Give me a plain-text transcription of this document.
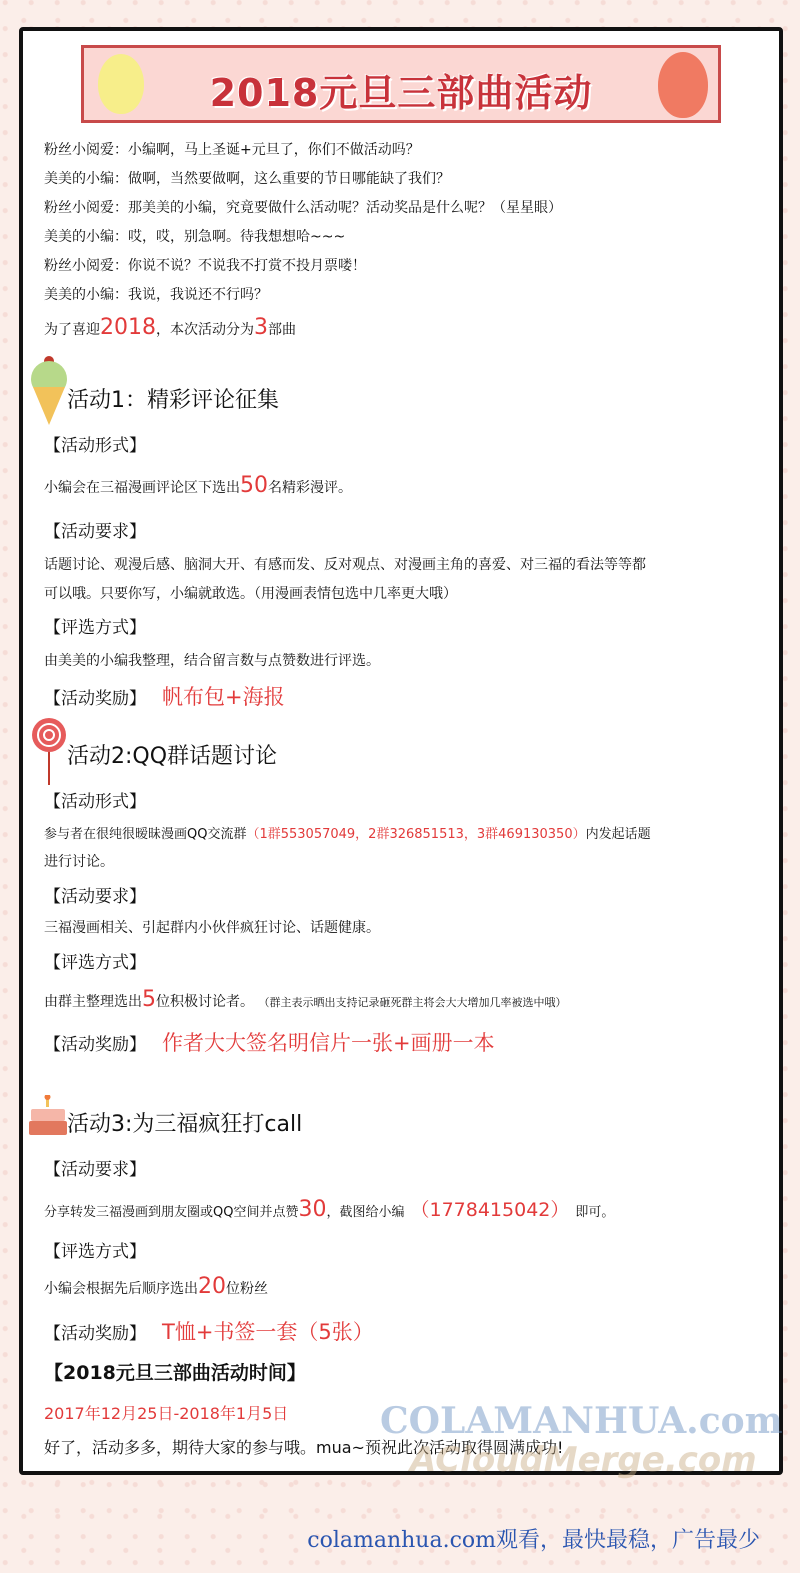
2018元旦三部曲活动
粉丝小阅爱：小编啊，马上圣诞+元旦了，你们不做活动吗？
美美的小编：做啊，当然要做啊，这么重要的节日哪能缺了我们？
粉丝小阅爱：那美美的小编，究竟要做什么活动呢？活动奖品是什么呢？（星星眼）
美美的小编：哎，哎，别急啊。待我想想哈~~~
粉丝小阅爱：你说不说？不说我不打赏不投月票喽！
美美的小编：我说，我说还不行吗？
为了喜迎2018，本次活动分为3部曲
活动1：精彩评论征集
【活动形式】
小编会在三福漫画评论区下选出50名精彩漫评。
【活动要求】
话题讨论、观漫后感、脑洞大开、有感而发、反对观点、对漫画主角的喜爱、对三福的看法等等都
可以哦。只要你写，小编就敢选。（用漫画表情包选中几率更大哦）
【评选方式】
由美美的小编我整理，结合留言数与点赞数进行评选。
【活动奖励】 帆布包+海报
活动2:QQ群话题讨论
【活动形式】
参与者在很纯很暧昧漫画QQ交流群（1群553057049，2群326851513，3群469130350）内发起话题
进行讨论。
【活动要求】
三福漫画相关、引起群内小伙伴疯狂讨论、话题健康。
【评选方式】
由群主整理选出5位积极讨论者。 （群主表示晒出支持记录砸死群主将会大大增加几率被选中哦）
【活动奖励】 作者大大签名明信片一张+画册一本
活动3:为三福疯狂打call
【活动要求】
分享转发三福漫画到朋友圈或QQ空间并点赞30，截图给小编 （1778415042） 即可。
【评选方式】
小编会根据先后顺序选出20位粉丝
【活动奖励】 T恤+书签一套（5张）
【2018元旦三部曲活动时间】
2017年12月25日-2018年1月5日
好了，活动多多，期待大家的参与哦。mua~预祝此次活动取得圆满成功!
COLAMANHUA.com
ACloudMerge.com
colamanhua.com观看，最快最稳，广告最少
